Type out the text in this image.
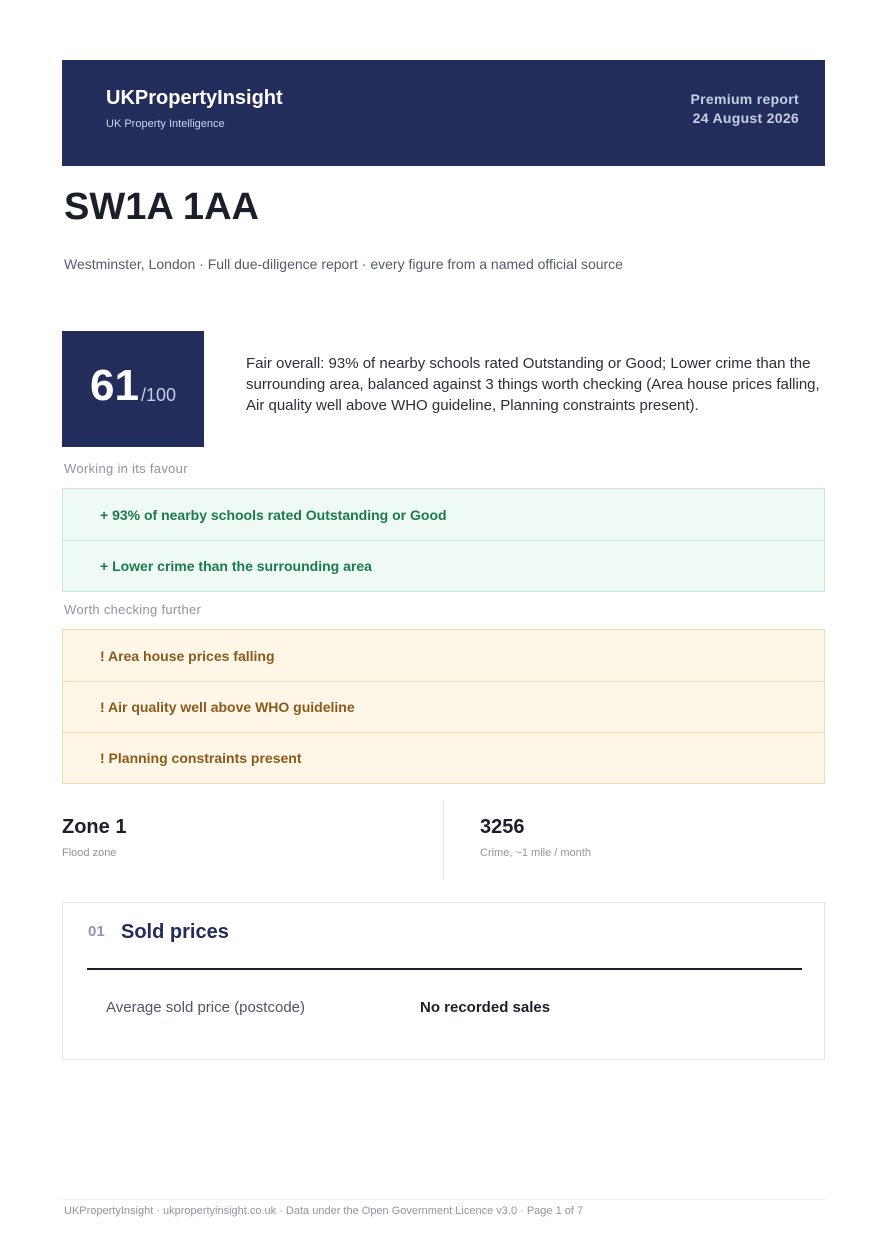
UKPropertyInsight
UK Property Intelligence
Premium report
24 August 2026
SW1A 1AA
Westminster, London · Full due-diligence report · every figure from a named official source
61 /100
Fair overall: 93% of nearby schools rated Outstanding or Good; Lower crime than the surrounding area, balanced against 3 things worth checking (Area house prices falling, Air quality well above WHO guideline, Planning constraints present).
Working in its favour
+ 93% of nearby schools rated Outstanding or Good
+ Lower crime than the surrounding area
Worth checking further
! Area house prices falling
! Air quality well above WHO guideline
! Planning constraints present
Zone 1
Flood zone
3256
Crime, ~1 mile / month
01 Sold prices
Average sold price (postcode)	No recorded sales
UKPropertyInsight · ukpropertyinsight.co.uk · Data under the Open Government Licence v3.0 · Page 1 of 7
